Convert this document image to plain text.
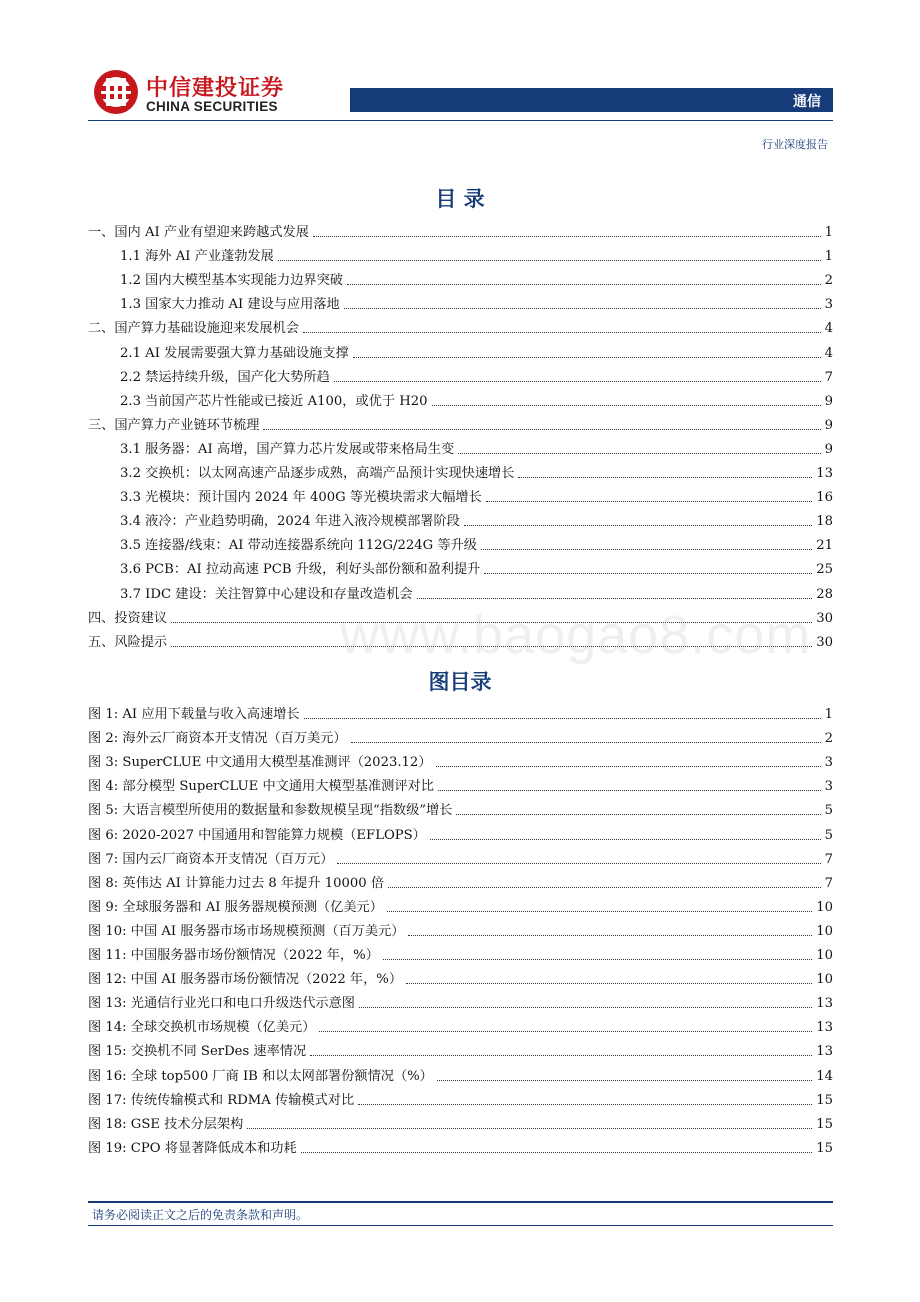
中信建投证券
CHINA SECURITIES	通信
行业深度报告
目 录
一、国内 AI 产业有望迎来跨越式发展	1
1.1 海外 AI 产业蓬勃发展	1
1.2 国内大模型基本实现能力边界突破	2
1.3 国家大力推动 AI 建设与应用落地	3
二、国产算力基础设施迎来发展机会	4
2.1 AI 发展需要强大算力基础设施支撑	4
2.2 禁运持续升级，国产化大势所趋	7
2.3 当前国产芯片性能或已接近 A100，或优于 H20	9
三、国产算力产业链环节梳理	9
3.1 服务器：AI 高增，国产算力芯片发展或带来格局生变	9
3.2 交换机：以太网高速产品逐步成熟，高端产品预计实现快速增长	13
3.3 光模块：预计国内 2024 年 400G 等光模块需求大幅增长	16
3.4 液冷：产业趋势明确，2024 年进入液冷规模部署阶段	18
3.5 连接器/线束：AI 带动连接器系统向 112G/224G 等升级	21
3.6 PCB：AI 拉动高速 PCB 升级，利好头部份额和盈利提升	25
3.7 IDC 建设：关注智算中心建设和存量改造机会	28
四、投资建议	30
五、风险提示	30
图目录
图 1: AI 应用下载量与收入高速增长	1
图 2: 海外云厂商资本开支情况（百万美元）	2
图 3: SuperCLUE 中文通用大模型基准测评（2023.12）	3
图 4: 部分模型 SuperCLUE 中文通用大模型基准测评对比	3
图 5: 大语言模型所使用的数据量和参数规模呈现“指数级”增长	5
图 6: 2020-2027 中国通用和智能算力规模（EFLOPS）	5
图 7: 国内云厂商资本开支情况（百万元）	7
图 8: 英伟达 AI 计算能力过去 8 年提升 10000 倍	7
图 9: 全球服务器和 AI 服务器规模预测（亿美元）	10
图 10: 中国 AI 服务器市场市场规模预测（百万美元）	10
图 11: 中国服务器市场份额情况（2022 年，%）	10
图 12: 中国 AI 服务器市场份额情况（2022 年，%）	10
图 13: 光通信行业光口和电口升级迭代示意图	13
图 14: 全球交换机市场规模（亿美元）	13
图 15: 交换机不同 SerDes 速率情况	13
图 16: 全球 top500 厂商 IB 和以太网部署份额情况（%）	14
图 17: 传统传输模式和 RDMA 传输模式对比	15
图 18: GSE 技术分层架构	15
图 19: CPO 将显著降低成本和功耗	15
www.baogao8.com
请务必阅读正文之后的免责条款和声明。
